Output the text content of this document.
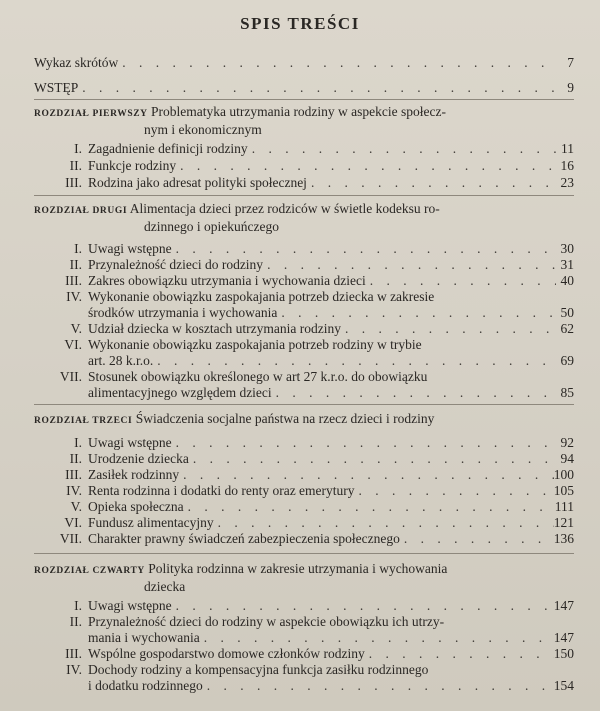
SPIS TREŚCI
Wykaz skrótów . . .	7
WSTĘP . . .	9
ROZDZIAŁ PIERWSZY Problematyka utrzymania rodziny w aspekcie społecz-
nym i ekonomicznym
I. Zagadnienie definicji rodziny . . .	11
II. Funkcje rodziny . . .	16
III. Rodzina jako adresat polityki społecznej . . .	23
ROZDZIAŁ DRUGI Alimentacja dzieci przez rodziców w świetle kodeksu ro-
dzinnego i opiekuńczego
I. Uwagi wstępne . . .	30
II. Przynależność dzieci do rodziny . . .	31
III. Zakres obowiązku utrzymania i wychowania dzieci . . .	40
IV. Wykonanie obowiązku zaspokajania potrzeb dziecka w zakresie
środków utrzymania i wychowania . . .	50
V. Udział dziecka w kosztach utrzymania rodziny . . .	62
VI. Wykonanie obowiązku zaspokajania potrzeb rodziny w trybie
art. 28 k.r.o. . . .	69
VII. Stosunek obowiązku określonego w art 27 k.r.o. do obowiązku
alimentacyjnego względem dzieci . . .	85
ROZDZIAŁ TRZECI Świadczenia socjalne państwa na rzecz dzieci i rodziny
I. Uwagi wstępne . . .	92
II. Urodzenie dziecka . . .	94
III. Zasiłek rodzinny . . .	100
IV. Renta rodzinna i dodatki do renty oraz emerytury . . .	105
V. Opieka społeczna . . .	111
VI. Fundusz alimentacyjny . . .	121
VII. Charakter prawny świadczeń zabezpieczenia społecznego . . .	136
ROZDZIAŁ CZWARTY Polityka rodzinna w zakresie utrzymania i wychowania
dziecka
I. Uwagi wstępne . . .	147
II. Przynależność dzieci do rodziny w aspekcie obowiązku ich utrzy-
mania i wychowania . . .	147
III. Wspólne gospodarstwo domowe członków rodziny . . .	150
IV. Dochody rodziny a kompensacyjna funkcja zasiłku rodzinnego
i dodatku rodzinnego . . .	154
